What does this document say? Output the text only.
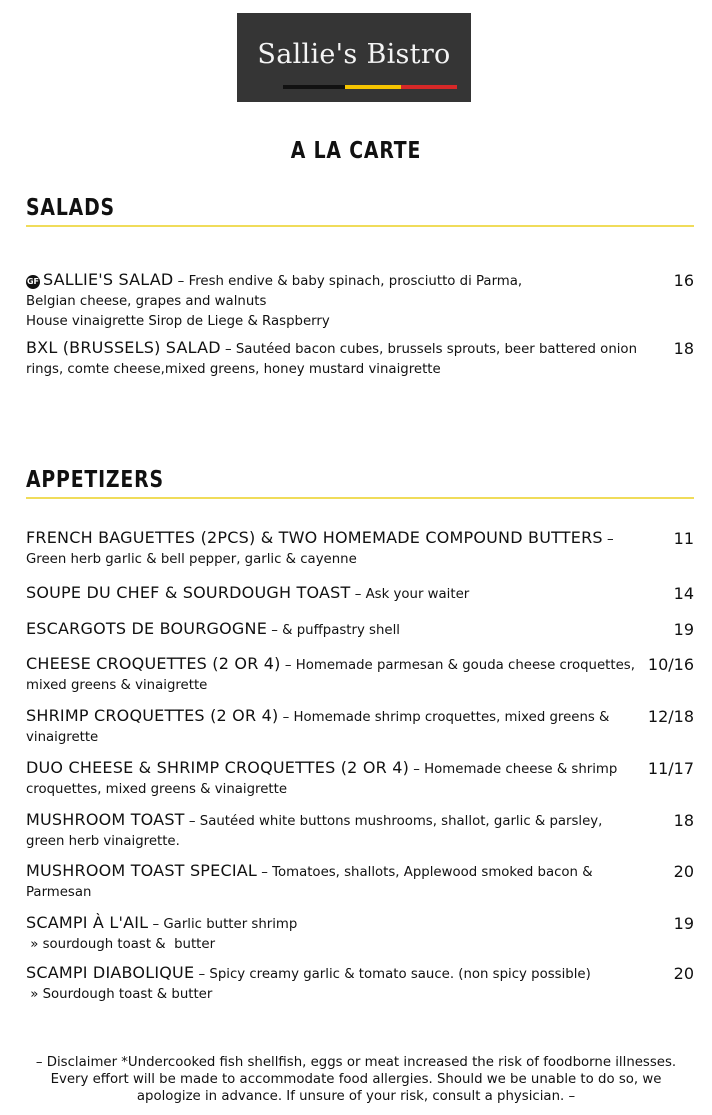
Sallie's Bistro
A LA CARTE
SALADS
GF SALLIE'S SALAD – Fresh endive & baby spinach, prosciutto di Parma,
Belgian cheese, grapes and walnuts
House vinaigrette Sirop de Liege & Raspberry
16
BXL (BRUSSELS) SALAD – Sautéed bacon cubes, brussels sprouts, beer battered onion rings, comte cheese,mixed greens, honey mustard vinaigrette
18
APPETIZERS
FRENCH BAGUETTES (2PCS) & TWO HOMEMADE COMPOUND BUTTERS – Green herb garlic & bell pepper, garlic & cayenne
11
SOUPE DU CHEF & SOURDOUGH TOAST – Ask your waiter	14
ESCARGOTS DE BOURGOGNE – & puffpastry shell	19
CHEESE CROQUETTES (2 OR 4) – Homemade parmesan & gouda cheese croquettes, mixed greens & vinaigrette
10/16
SHRIMP CROQUETTES (2 OR 4) – Homemade shrimp croquettes, mixed greens & vinaigrette
12/18
DUO CHEESE & SHRIMP CROQUETTES (2 OR 4) – Homemade cheese & shrimp croquettes, mixed greens & vinaigrette
11/17
MUSHROOM TOAST – Sautéed white buttons mushrooms, shallot, garlic & parsley, green herb vinaigrette.
18
MUSHROOM TOAST SPECIAL – Tomatoes, shallots, Applewood smoked bacon & Parmesan
20
SCAMPI À L'AIL – Garlic butter shrimp
» sourdough toast &  butter
19
SCAMPI DIABOLIQUE – Spicy creamy garlic & tomato sauce. (non spicy possible)
» Sourdough toast & butter
20
– Disclaimer *Undercooked fish shellfish, eggs or meat increased the risk of foodborne illnesses. Every effort will be made to accommodate food allergies. Should we be unable to do so, we apologize in advance. If unsure of your risk, consult a physician. –
